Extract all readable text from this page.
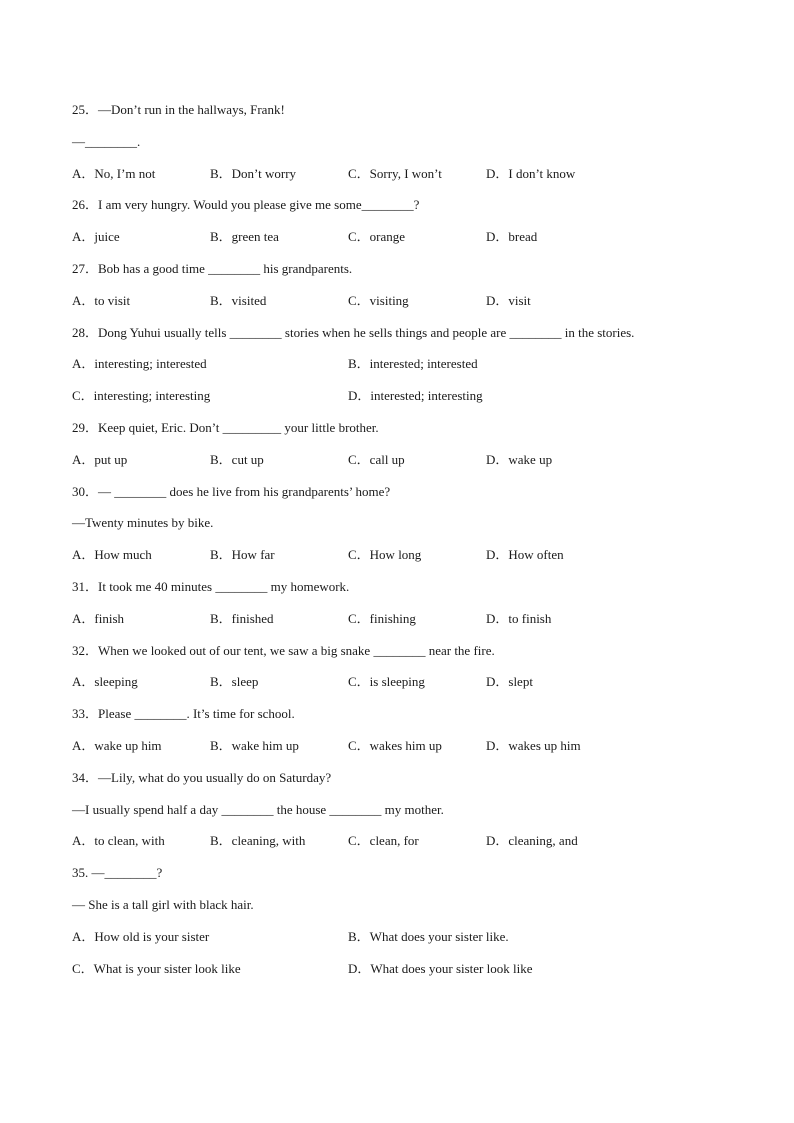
25．—Don’t run in the hallways, Frank!
—________.
A．No, I’m not	B．Don’t worry	C．Sorry, I won’t	D．I don’t know
26．I am very hungry. Would you please give me some________?
A．juice	B．green tea	C．orange	D．bread
27．Bob has a good time ________ his grandparents.
A．to visit	B．visited	C．visiting	D．visit
28．Dong Yuhui usually tells ________ stories when he sells things and people are ________ in the stories.
A．interesting; interested	B．interested; interested
C．interesting; interesting	D．interested; interesting
29．Keep quiet, Eric. Don’t _________ your little brother.
A．put up	B．cut up	C．call up	D．wake up
30．— ________ does he live from his grandparents’ home?
—Twenty minutes by bike.
A．How much	B．How far	C．How long	D．How often
31．It took me 40 minutes ________ my homework.
A．finish	B．finished	C．finishing	D．to finish
32．When we looked out of our tent, we saw a big snake ________ near the fire.
A．sleeping	B．sleep	C．is sleeping	D．slept
33．Please ________. It’s time for school.
A．wake up him	B．wake him up	C．wakes him up	D．wakes up him
34．—Lily, what do you usually do on Saturday?
—I usually spend half a day ________ the house ________ my mother.
A．to clean, with	B．cleaning, with	C．clean, for	D．cleaning, and
35. —________?
— She is a tall girl with black hair.
A．How old is your sister	B．What does your sister like.
C．What is your sister look like	D．What does your sister look like
